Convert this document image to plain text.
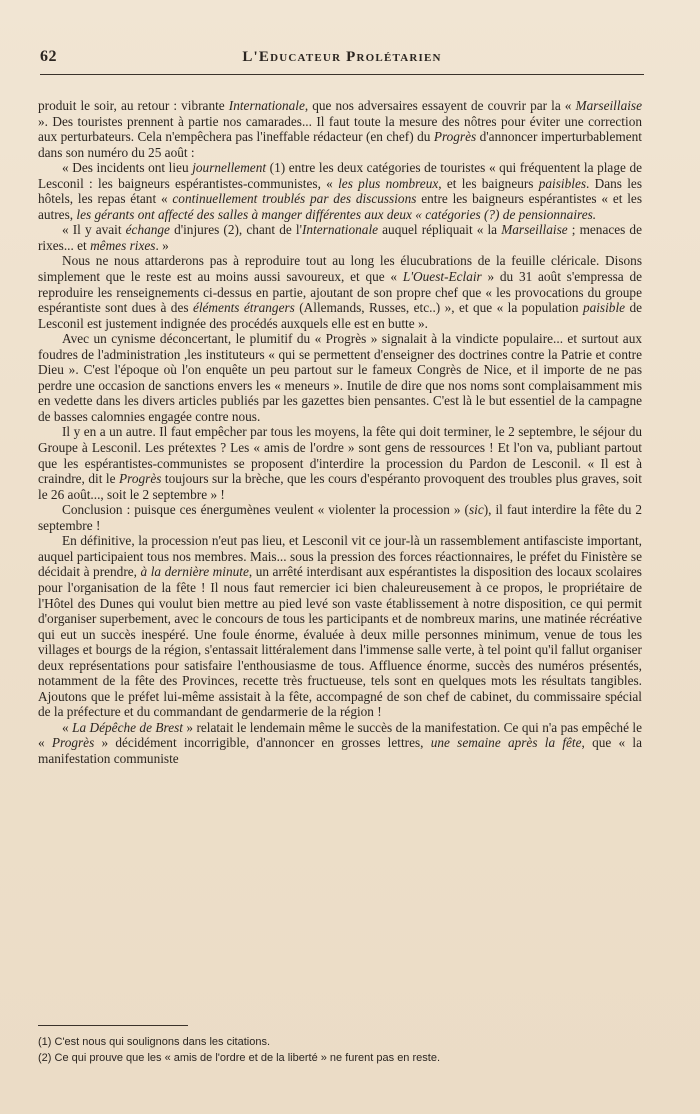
62	L'Educateur Prolétarien

produit le soir, au retour : vibrante Internationale, que nos adversaires essayent de couvrir par la « Marseillaise ». Des touristes prennent à partie nos camarades... Il faut toute la mesure des nôtres pour éviter une correction aux perturbateurs. Cela n'empêchera pas l'ineffable rédacteur (en chef) du Progrès d'annoncer imperturbablement dans son numéro du 25 août :

« Des incidents ont lieu journellement (1) entre les deux catégories de touristes « qui fréquentent la plage de Lesconil : les baigneurs espérantistes-communistes, « les plus nombreux, et les baigneurs paisibles. Dans les hôtels, les repas étant « continuellement troublés par des discussions entre les baigneurs espérantistes « et les autres, les gérants ont affecté des salles à manger différentes aux deux « catégories (?) de pensionnaires.

« Il y avait échange d'injures (2), chant de l'Internationale auquel répliquait « la Marseillaise ; menaces de rixes... et mêmes rixes. »

Nous ne nous attarderons pas à reproduire tout au long les élucubrations de la feuille cléricale. Disons simplement que le reste est au moins aussi savoureux, et que « L'Ouest-Eclair » du 31 août s'empressa de reproduire les renseignements ci-dessus en partie, ajoutant de son propre chef que « les provocations du groupe espérantiste sont dues à des éléments étrangers (Allemands, Russes, etc..) », et que « la population paisible de Lesconil est justement indignée des procédés auxquels elle est en butte ».

Avec un cynisme déconcertant, le plumitif du « Progrès » signalait à la vindicte populaire... et surtout aux foudres de l'administration ,les instituteurs « qui se permettent d'enseigner des doctrines contre la Patrie et contre Dieu ». C'est l'époque où l'on enquête un peu partout sur le fameux Congrès de Nice, et il importe de ne pas perdre une occasion de sanctions envers les « meneurs ». Inutile de dire que nos noms sont complaisamment mis en vedette dans les divers articles publiés par les gazettes bien pensantes. C'est là le but essentiel de la campagne de basses calomnies engagée contre nous.

Il y en a un autre. Il faut empêcher par tous les moyens, la fête qui doit terminer, le 2 septembre, le séjour du Groupe à Lesconil. Les prétextes ? Les « amis de l'ordre » sont gens de ressources ! Et l'on va, publiant partout que les espérantistes-communistes se proposent d'interdire la procession du Pardon de Lesconil. « Il est à craindre, dit le Progrès toujours sur la brèche, que les cours d'espéranto provoquent des troubles plus graves, soit le 26 août..., soit le 2 septembre » !

Conclusion : puisque ces énergumènes veulent « violenter la procession » (sic), il faut interdire la fête du 2 septembre !

En définitive, la procession n'eut pas lieu, et Lesconil vit ce jour-là un rassemblement antifasciste important, auquel participaient tous nos membres. Mais... sous la pression des forces réactionnaires, le préfet du Finistère se décidait à prendre, à la dernière minute, un arrêté interdisant aux espérantistes la disposition des locaux scolaires pour l'organisation de la fête ! Il nous faut remercier ici bien chaleureusement à ce propos, le propriétaire de l'Hôtel des Dunes qui voulut bien mettre au pied levé son vaste établissement à notre disposition, ce qui permit d'organiser superbement, avec le concours de tous les participants et de nombreux marins, une matinée récréative qui eut un succès inespéré. Une foule énorme, évaluée à deux mille personnes minimum, venue de tous les villages et bourgs de la région, s'entassait littéralement dans l'immense salle verte, à tel point qu'il fallut organiser deux représentations pour satisfaire l'enthousiasme de tous. Affluence énorme, succès des numéros présentés, notamment de la fête des Provinces, recette très fructueuse, tels sont en quelques mots les résultats tangibles. Ajoutons que le préfet lui-même assistait à la fête, accompagné de son chef de cabinet, du commissaire spécial de la préfecture et du commandant de gendarmerie de la région !

« La Dépêche de Brest » relatait le lendemain même le succès de la manifestation. Ce qui n'a pas empêché le « Progrès » décidément incorrigible, d'annoncer en grosses lettres, une semaine après la fête, que « la manifestation communiste

(1) C'est nous qui soulignons dans les citations.

(2) Ce qui prouve que les « amis de l'ordre et de la liberté » ne furent pas en reste.
